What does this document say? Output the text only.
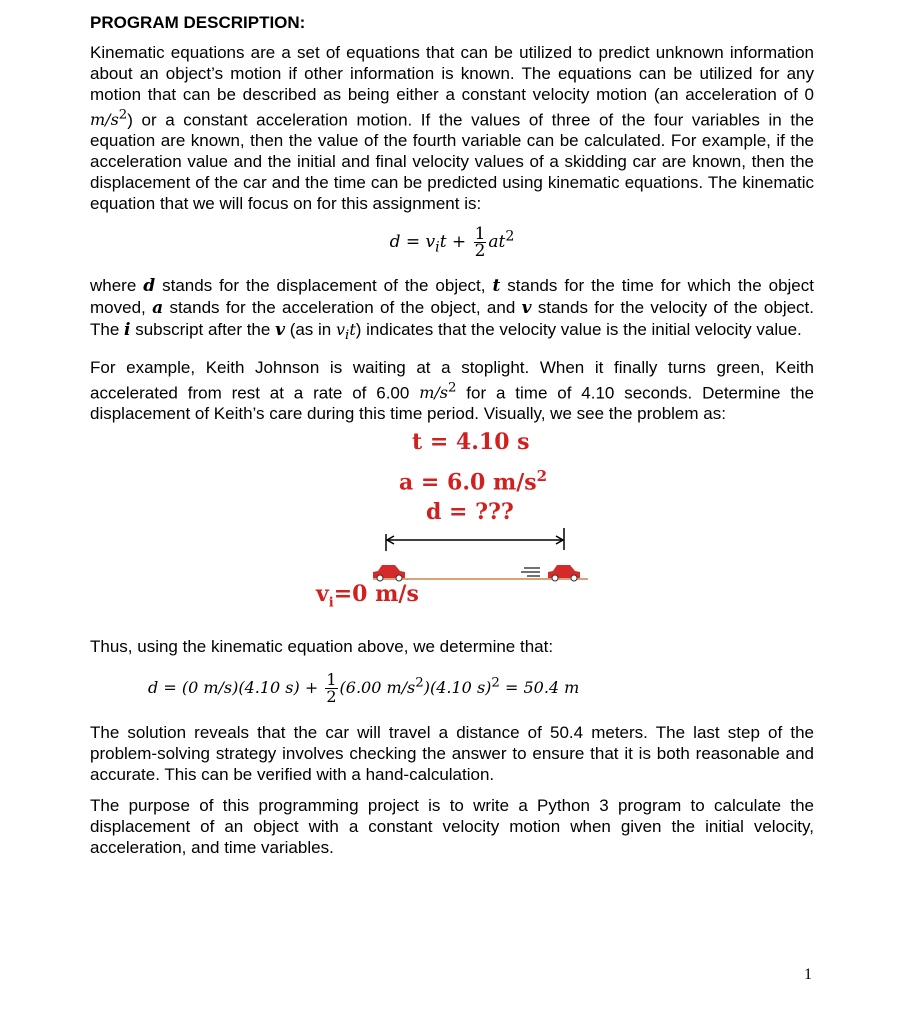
PROGRAM DESCRIPTION:

Kinematic equations are a set of equations that can be utilized to predict unknown information about an object’s motion if other information is known. The equations can be utilized for any motion that can be described as being either a constant velocity motion (an acceleration of 0 $m/s^2$) or a constant acceleration motion. If the values of three of the four variables in the equation are known, then the value of the fourth variable can be calculated. For example, if the acceleration value and the initial and final velocity values of a skidding car are known, then the displacement of the car and the time can be predicted using kinematic equations. The kinematic equation that we will focus on for this assignment is:

$d = v_it + \frac{1}{2} at^2$

where d stands for the displacement of the object, t stands for the time for which the object moved, a stands for the acceleration of the object, and v stands for the velocity of the object. The i subscript after the v (as in $v_it$) indicates that the velocity value is the initial velocity value.

For example, Keith Johnson is waiting at a stoplight. When it finally turns green, Keith accelerated from rest at a rate of 6.00 $m/s^2$ for a time of 4.10 seconds. Determine the displacement of Keith’s care during this time period. Visually, we see the problem as:

t = 4.10 s
a = 6.0 $m/s^2$
d = ???
$v_i=0$ m/s

Thus, using the kinematic equation above, we determine that:

d = (0 m/s)(4.10 $s) + \frac{1}{2} (6.00$ $m/s^2)(4.10$ s)$^2$ = 50.4 m

The solution reveals that the car will travel a distance of 50.4 meters. The last step of the problem-solving strategy involves checking the answer to ensure that it is both reasonable and accurate. This can be verified with a hand-calculation.

The purpose of this programming project is to write a Python 3 program to calculate the displacement of an object with a constant velocity motion when given the initial velocity, acceleration, and time variables.

1
